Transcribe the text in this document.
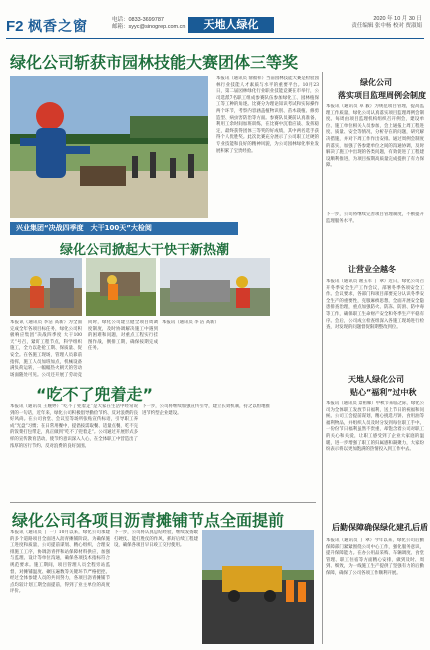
F2 枫香之窗	电话：0833-3699787
邮箱：syyc@sinogrep.com.cn	天地人绿化	2020 年 10 月 30 日
责任编辑 张中杨 校对 贾淑娟
绿化公司斩获市园林技能大赛团体三等奖
本报讯（通讯员 俞福祥）当前园林技能大赛是检验园林行业技能人才素质与水平的重要平台。10月23日，第二届园林绿化行业职业技能竞赛在市举行，公司选派7名职工组成参赛队伍参加绿化工、园林植保工等工种的角逐。比赛分为理论知识考试和实际操作两个环节，考察内容涵盖植物识别、苗木栽植、修剪造型、病虫害防治等方面。参赛队员赛前认真准备，利用工余时间加班训练，在比赛中沉着应战、发挥稳定，最终获得团体三等奖的好成绩，其中两名选手获得个人优胜奖。此次比赛充分展示了公司职工过硬的专业技能和良好的精神风貌，为公司园林绿化事业发展积累了宝贵经验。
兴业集团“决战四季度　大干100天”大检阅
绿化公司掀起大干快干新热潮
本报讯（通讯员 李洁 高新）为全面完成全年各项目标任务，绿化公司积极响应集团“决战四季度 大干100天”号召，紧盯工程节点，科学组织施工，全力以赴抢工期、保质量、促安全。在各施工现场，管理人员靠前指挥，施工人员加班加点，机械设备满负荷运转，一幅幅热火朝天的劳动场面随处可见。公司还开展了劳动竞
同时，绿化公司建立健全项目周调度制度，及时协调解决施工中遇到的困难和问题，对重点工程实行挂图作战，倒排工期，确保按期完成任务。
本报讯（通讯员 李 洁 高新）
“吃不了兜着走”
本报讯（通讯员 王婉婷）“吃不了兜着走”是大家在生活中经常说到的一句话，近年来，绿化公司积极倡导勤俭节约、反对浪费的良好风尚。在公司食堂、会议室等场所张贴宣传标语，引导职工养成“光盘”习惯；在日常用餐中，提倡按需取餐、适量点餐，吃不完的饭菜打包带走，真正做到“吃不了兜着走”。公司通过开展形式多样的宣传教育活动，使节约意识深入人心，在全体职工中营造出了浓厚的厉行节约、反对浪费的良好氛围。
下一步，公司将继续加强宣传引导，建立长效机制，持之以恒地推进节约型企业建设。
绿化公司各项目沥青摊铺节点全面提前
本报讯（通讯员 丁 一）10月以来，绿化公司承建的多个道路项目全面进入沥青摊铺阶段。为确保施工进度和质量，公司提前谋划、精心组织，合理安排施工工序，协调沥青拌和站保障材料供应，加强与监理、设计等单位沟通，确保各项技术指标符合规范要求。施工期间，项目管理人员全程旁站监督，对摊铺温度、碾压遍数等关键环节严格把控。经过全体参建人员的共同努力，各项目沥青摊铺节点均较计划工期全面提前，得到了业主单位的高度评价。
下一步，公司将认真总结经验，继续发扬敢打硬仗、能打胜仗的作风，抓好后续工程建设，确保各项目早日竣工交付使用。
绿化公司
落实项目监理周例会制度
本报讯（通讯员 卓 毅）为规范项目管理，提高监理工作质量，绿化公司认真落实项目监理周例会制度。每周由项目监理机构组织召开例会，建设单位、施工单位相关人员参加，会上通报上周工程进度、质量、安全等情况，分析存在的问题，研究解决措施，并对下周工作作出安排。通过周例会制度的落实，加强了各参建单位之间的沟通协调，及时解决了施工中出现的各类问题，有效促进了工程建设顺利推进，为项目按期高质量完成提供了有力保障。
下一步，公司将继续完善项目管理制度，不断提升监理服务水平。
让营业全越冬
本报讯（通讯员 谢玉军 丁 翠）近日，绿化公司召开冬季安全生产工作会议，部署冬季各项安全工作。会议要求，各部门和项目部要充分认识冬季安全生产的重要性，克服麻痹思想，全面开展安全隐患排查治理，重点加强防火、防冻、防滑、防中毒等工作，确保职工生命财产安全和冬季生产平稳有序。会后，公司成立检查组深入各施工现场进行检查，对发现的问题督促限期整改到位。
天地人绿化公司
贴心“福利”过中秋
本报讯（通讯员 景祖娣）中秋节来临之际，绿化公司为全体职工发放节日福利，送上节日的祝福和问候。公司工会提前谋划，精心挑选月饼、食用油等福利物品，并组织人员及时分发到每位职工手中。一份份节日福利虽然不贵重，却饱含着公司对职工的关心和关爱，让职工感受到了企业大家庭的温暖，进一步增强了职工的归属感和凝聚力，大家纷纷表示将以更加饱满的热情投入到工作中去。
后勤保障确保绿化建孔后盾
本报讯（通讯员 丁 翠）今年以来，绿化公司后勤保障部门紧紧围绕公司中心工作，强化服务意识，提升保障能力。在办公用品采购、车辆调度、食堂管理、职工住宿等方面精心安排，做到及时、周到、细致，为一线施工生产提供了坚强有力的后勤保障，确保了公司各项工作顺利开展。
